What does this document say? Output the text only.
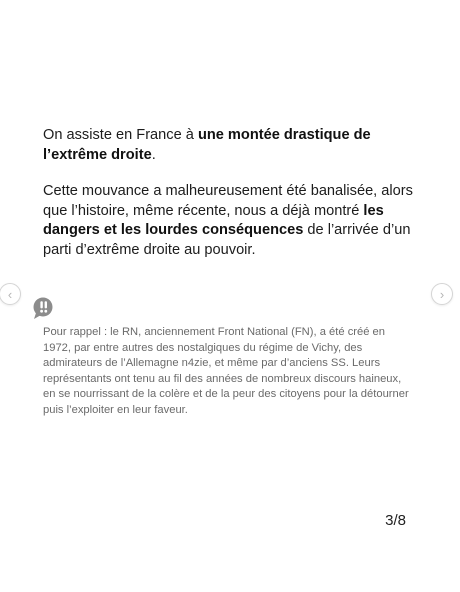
On assiste en France à une montée drastique de l’extrême droite.
Cette mouvance a malheureusement été banalisée, alors que l’histoire, même récente, nous a déjà montré les dangers et les lourdes conséquences de l’arrivée d’un parti d’extrême droite au pouvoir.
Pour rappel : le RN, anciennement Front National (FN), a été créé en 1972, par entre autres des nostalgiques du régime de Vichy, des admirateurs de l’Allemagne n4zie, et même par d’anciens SS. Leurs représentants ont tenu au fil des années de nombreux discours haineux, en se nourrissant de la colère et de la peur des citoyens pour la détourner puis l’exploiter en leur faveur.
3/8
‹	›
